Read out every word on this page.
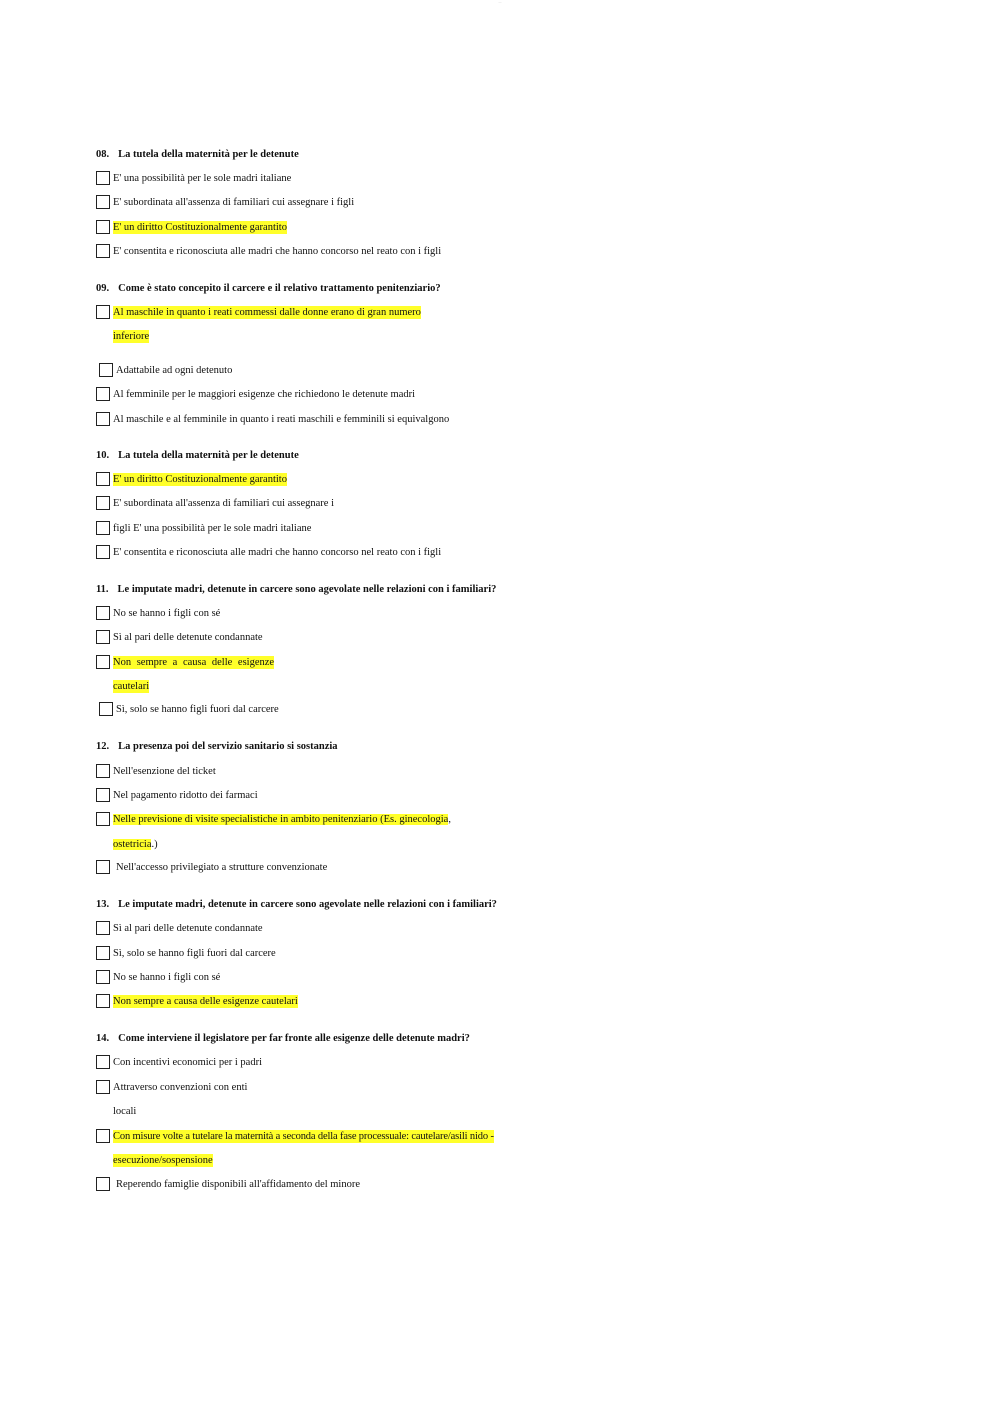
…
08. La tutela della maternità per le detenute
E' una possibilità per le sole madri italiane
E' subordinata all'assenza di familiari cui assegnare i figli
E' un diritto Costituzionalmente garantito
E' consentita e riconosciuta alle madri che hanno concorso nel reato con i figli
09. Come è stato concepito il carcere e il relativo trattamento penitenziario?
Al maschile in quanto i reati commessi dalle donne erano di gran numero
inferiore
Adattabile ad ogni detenuto
Al femminile per le maggiori esigenze che richiedono le detenute madri
Al maschile e al femminile in quanto i reati maschili e femminili si equivalgono
10. La tutela della maternità per le detenute
E' un diritto Costituzionalmente garantito
E' subordinata all'assenza di familiari cui assegnare i
figli E' una possibilità per le sole madri italiane
E' consentita e riconosciuta alle madri che hanno concorso nel reato con i figli
11. Le imputate madri, detenute in carcere sono agevolate nelle relazioni con i familiari?
No se hanno i figli con sé
Sì al pari delle detenute condannate
Non sempre a causa delle esigenze
cautelari
Sì, solo se hanno figli fuori dal carcere
12. La presenza poi del servizio sanitario si sostanzia
Nell'esenzione del ticket
Nel pagamento ridotto dei farmaci
Nelle previsione di visite specialistiche in ambito penitenziario (Es. ginecologia,
ostetricia.)
Nell'accesso privilegiato a strutture convenzionate
13. Le imputate madri, detenute in carcere sono agevolate nelle relazioni con i familiari?
Sì al pari delle detenute condannate
Sì, solo se hanno figli fuori dal carcere
No se hanno i figli con sé
Non sempre a causa delle esigenze cautelari
14. Come interviene il legislatore per far fronte alle esigenze delle detenute madri?
Con incentivi economici per i padri
Attraverso convenzioni con enti
locali
Con misure volte a tutelare la maternità a seconda della fase processuale: cautelare/asili nido -
esecuzione/sospensione
Reperendo famiglie disponibili all'affidamento del minore
